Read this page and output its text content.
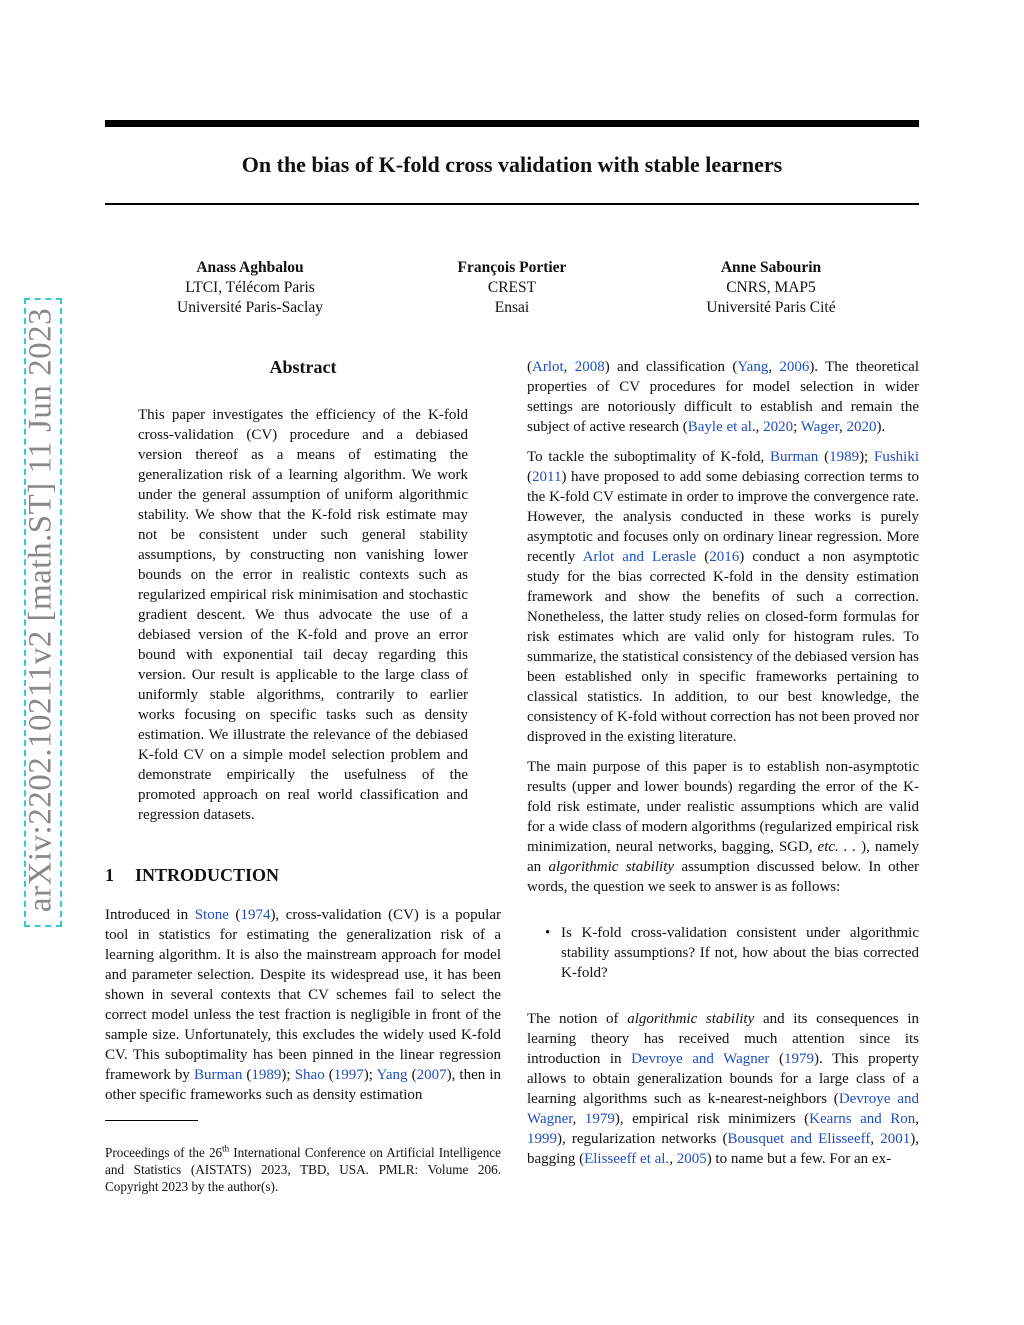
arXiv:2202.10211v2 [math.ST] 11 Jun 2023
On the bias of K-fold cross validation with stable learners
Anass Aghbalou
LTCI, Télécom Paris
Université Paris-Saclay
François Portier
CREST
Ensai
Anne Sabourin
CNRS, MAP5
Université Paris Cité
Abstract
This paper investigates the efficiency of the K-fold cross-validation (CV) procedure and a debiased version thereof as a means of estimating the generalization risk of a learning algorithm. We work under the general assumption of uniform algorithmic stability. We show that the K-fold risk estimate may not be consistent under such general stability assumptions, by constructing non vanishing lower bounds on the error in realistic contexts such as regularized empirical risk minimisation and stochastic gradient descent. We thus advocate the use of a debiased version of the K-fold and prove an error bound with exponential tail decay regarding this version. Our result is applicable to the large class of uniformly stable algorithms, contrarily to earlier works focusing on specific tasks such as density estimation. We illustrate the relevance of the debiased K-fold CV on a simple model selection problem and demonstrate empirically the usefulness of the promoted approach on real world classification and regression datasets.
1 INTRODUCTION

Introduced in Stone (1974), cross-validation (CV) is a popular tool in statistics for estimating the generalization risk of a learning algorithm. It is also the mainstream approach for model and parameter selection. Despite its widespread use, it has been shown in several contexts that CV schemes fail to select the correct model unless the test fraction is negligible in front of the sample size. Unfortunately, this excludes the widely used K-fold CV. This suboptimality has been pinned in the linear regression framework by Burman (1989); Shao (1997); Yang (2007), then in other specific frameworks such as density estimation

Proceedings of the 26th International Conference on Artificial Intelligence and Statistics (AISTATS) 2023, TBD, USA. PMLR: Volume 206. Copyright 2023 by the author(s).

(Arlot, 2008) and classification (Yang, 2006). The theoretical properties of CV procedures for model selection in wider settings are notoriously difficult to establish and remain the subject of active research (Bayle et al., 2020; Wager, 2020).

To tackle the suboptimality of K-fold, Burman (1989); Fushiki (2011) have proposed to add some debiasing correction terms to the K-fold CV estimate in order to improve the convergence rate. However, the analysis conducted in these works is purely asymptotic and focuses only on ordinary linear regression. More recently Arlot and Lerasle (2016) conduct a non asymptotic study for the bias corrected K-fold in the density estimation framework and show the benefits of such a correction. Nonetheless, the latter study relies on closed-form formulas for risk estimates which are valid only for histogram rules. To summarize, the statistical consistency of the debiased version has been established only in specific frameworks pertaining to classical statistics. In addition, to our best knowledge, the consistency of K-fold without correction has not been proved nor disproved in the existing literature.

The main purpose of this paper is to establish non-asymptotic results (upper and lower bounds) regarding the error of the K-fold risk estimate, under realistic assumptions which are valid for a wide class of modern algorithms (regularized empirical risk minimization, neural networks, bagging, SGD, etc. . . ), namely an algorithmic stability assumption discussed below. In other words, the question we seek to answer is as follows:

• Is K-fold cross-validation consistent under algorithmic stability assumptions? If not, how about the bias corrected K-fold?

The notion of algorithmic stability and its consequences in learning theory has received much attention since its introduction in Devroye and Wagner (1979). This property allows to obtain generalization bounds for a large class of a learning algorithms such as k-nearest-neighbors (Devroye and Wagner, 1979), empirical risk minimizers (Kearns and Ron, 1999), regularization networks (Bousquet and Elisseeff, 2001), bagging (Elisseeff et al., 2005) to name but a few. For an ex-
